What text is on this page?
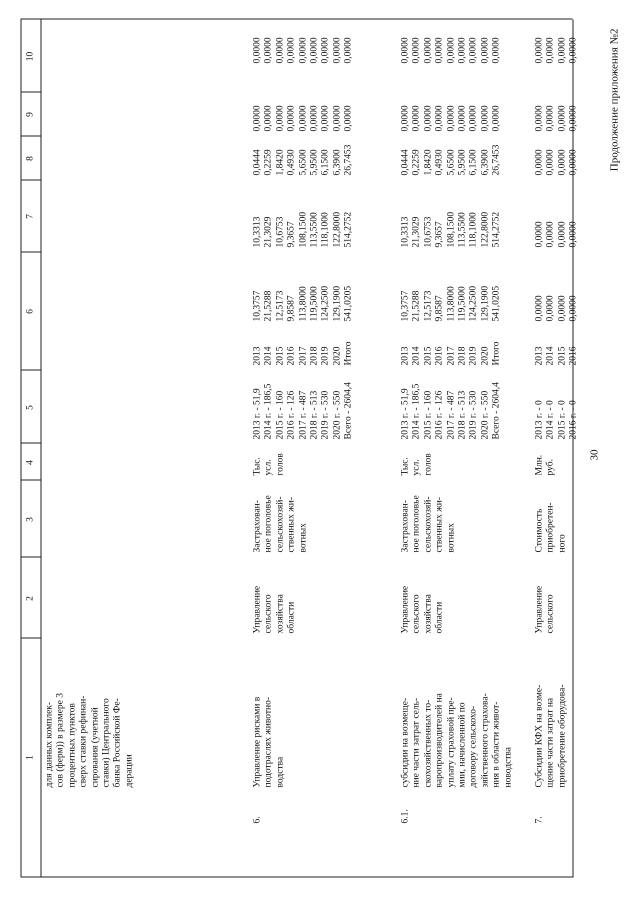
30
Продолжение приложения №2
1
2
3
4
5
6
7
8
9
10

для данных комплек- сов (ферм)) в размере 3 процентных пунктов сверх ставки рефинан- сирования (учетной ставки) Центрального банка Российской Фе- дерации

6.

Управление рисками в подотраслях животно- водства

Управление сельского хозяйства области

Застрахован- ное поголовье сельскохозяй- ственных жи- вотных

Тыс. усл. голов

2013 г. - 51,9 2014 г. - 186,5 2015 г. - 160 2016 г. - 126 2017 г. - 487 2018 г. - 513 2019 г. - 530 2020 г. - 550 Всего - 2604,4

2013 2014 2015 2016 2017 2018 2019 2020 Итого

10,3757 21,5288 12,5173 9,8587 113,8000 119,5000 124,2500 129,1900 541,0205

10,3313 21,3029 10,6753 9,3657 108,1500 113,5500 118,1000 122,8000 514,2752

0,0444 0,2259 1,8420 0,4930 5,6500 5,9500 6,1500 6,3900 26,7453

0,0000 0,0000 0,0000 0,0000 0,0000 0,0000 0,0000 0,0000 0,0000

0,0000 0,0000 0,0000 0,0000 0,0000 0,0000 0,0000 0,0000 0,0000

6.1.

субсидии на возмеще- ние части затрат сель- скохозяйственных то- варопроизводителей на уплату страховой пре- мии, начисленной по договору сельскохо- зяйственного страхова- ния в области живот- новодства

Управление сельского хозяйства области

Застрахован- ное поголовье сельскохозяй- ственных жи- вотных

Тыс. усл. голов

2013 г. - 51,9 2014 г. - 186,5 2015 г. - 160 2016 г. - 126 2017 г. - 487 2018 г. - 513 2019 г. - 530 2020 г. - 550 Всего - 2604,4

2013 2014 2015 2016 2017 2018 2019 2020 Итого

10,3757 21,5288 12,5173 9,8587 113,8000 119,5000 124,2500 129,1900 541,0205

10,3313 21,3029 10,6753 9,3657 108,1500 113,5500 118,1000 122,8000 514,2752

0,0444 0,2259 1,8420 0,4930 5,6500 5,9500 6,1500 6,3900 26,7453

0,0000 0,0000 0,0000 0,0000 0,0000 0,0000 0,0000 0,0000 0,0000

0,0000 0,0000 0,0000 0,0000 0,0000 0,0000 0,0000 0,0000 0,0000

7.

Субсидии КФХ на возме- щение части затрат на приобретение оборудова-

Управление сельского

Стоимость приобретен- ного

Млн. руб.

2013 г. - 0 2014 г. - 0 2015 г. - 0 2016 г. - 0

2013 2014 2015 2016

0,0000 0,0000 0,0000 0,0000

0,0000 0,0000 0,0000 0,0000

0,0000 0,0000 0,0000 0,0000

0,0000 0,0000 0,0000 0,0000

0,0000 0,0000 0,0000 0,0000
